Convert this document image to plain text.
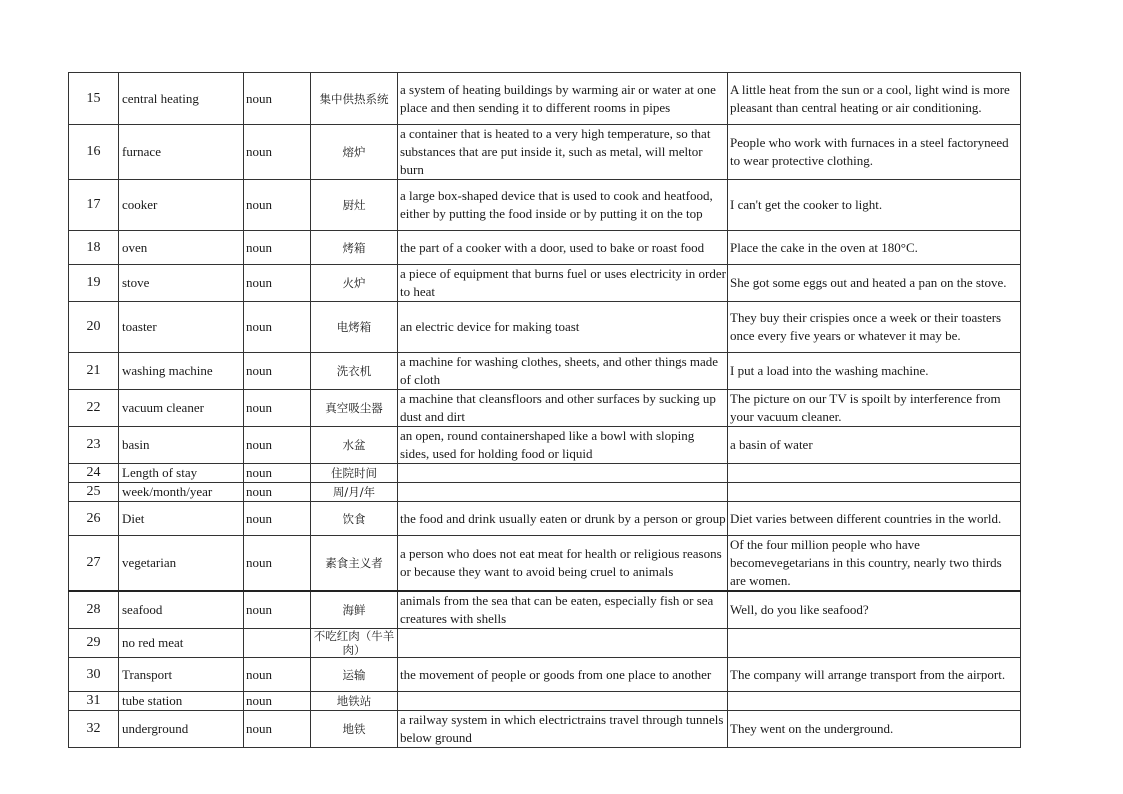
15	central heating	noun	集中供热系统	a system of heating buildings by warming air or water at one place and then sending it to different rooms in pipes	A little heat from the sun or a cool, light wind is more pleasant than central heating or air conditioning.
16	furnace	noun	熔炉	a container that is heated to a very high temperature, so that substances that are put inside it, such as metal, will meltor burn	People who work with furnaces in a steel factoryneed to wear protective clothing.
17	cooker	noun	厨灶	a large box-shaped device that is used to cook and heatfood, either by putting the food inside or by putting it on the top	I can't get the cooker to light.
18	oven	noun	烤箱	the part of a cooker with a door, used to bake or roast food	Place the cake in the oven at 180°C.
19	stove	noun	火炉	a piece of equipment that burns fuel or uses electricity in order to heat	She got some eggs out and heated a pan on the stove.
20	toaster	noun	电烤箱	an electric device for making toast	They buy their crispies once a week or their toasters once every five years or whatever it may be.
21	washing machine	noun	洗衣机	a machine for washing clothes, sheets, and other things made of cloth	I put a load into the washing machine.
22	vacuum cleaner	noun	真空吸尘器	a machine that cleansfloors and other surfaces by sucking up dust and dirt	The picture on our TV is spoilt by interference from your vacuum cleaner.
23	basin	noun	水盆	an open, round containershaped like a bowl with sloping sides, used for holding food or liquid	a basin of water
24	Length of stay	noun	住院时间		
25	week/month/year	noun	周/月/年		
26	Diet	noun	饮食	the food and drink usually eaten or drunk by a person or group	Diet varies between different countries in the world.
27	vegetarian	noun	素食主义者	a person who does not eat meat for health or religious reasons or because they want to avoid being cruel to animals	Of the four million people who have becomevegetarians in this country, nearly two thirds are women.
28	seafood	noun	海鲜	animals from the sea that can be eaten, especially fish or sea creatures with shells	Well, do you like seafood?
29	no red meat		不吃红肉（牛羊肉）		
30	Transport	noun	运输	the movement of people or goods from one place to another	The company will arrange transport from the airport.
31	tube station	noun	地铁站		
32	underground	noun	地铁	a railway system in which electrictrains travel through tunnels below ground	They went on the underground.
